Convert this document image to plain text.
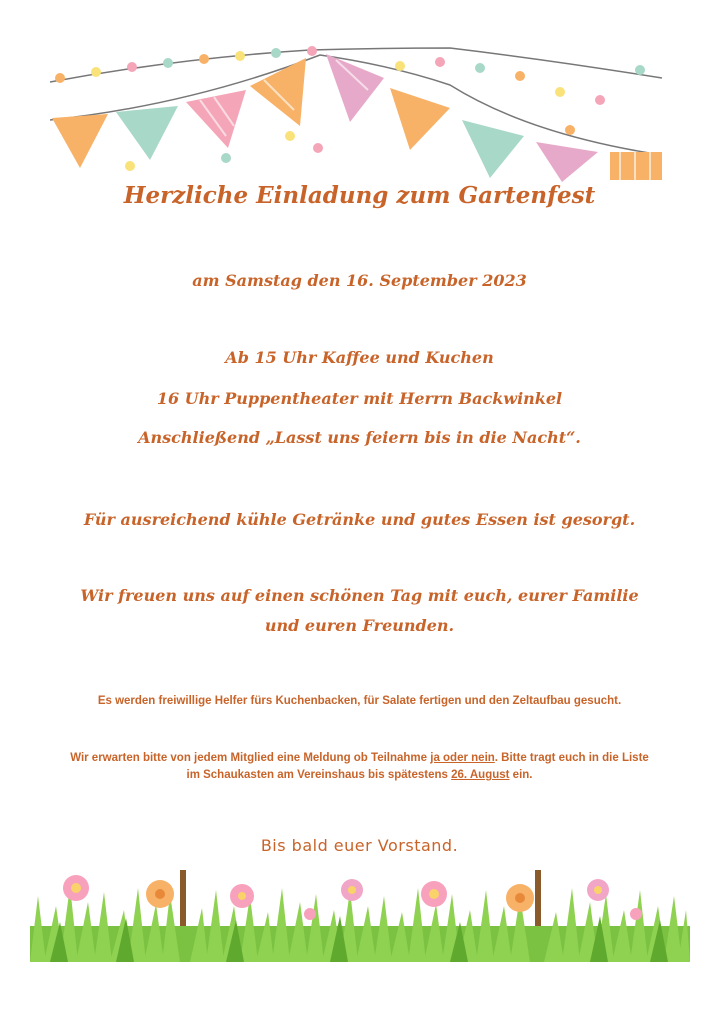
Herzliche Einladung zum Gartenfest
am Samstag den 16. September 2023
Ab 15 Uhr Kaffee und Kuchen
16 Uhr Puppentheater mit Herrn Backwinkel
Anschließend „Lasst uns feiern bis in die Nacht“.
Für ausreichend kühle Getränke und gutes Essen ist gesorgt.
Wir freuen uns auf einen schönen Tag mit euch, eurer Familie
und euren Freunden.
Es werden freiwillige Helfer fürs Kuchenbacken, für Salate fertigen und den Zeltaufbau gesucht.
Wir erwarten bitte von jedem Mitglied eine Meldung ob Teilnahme ja oder nein. Bitte tragt euch in die Liste
im Schaukasten am Vereinshaus bis spätestens 26. August ein.
Bis bald euer Vorstand.
